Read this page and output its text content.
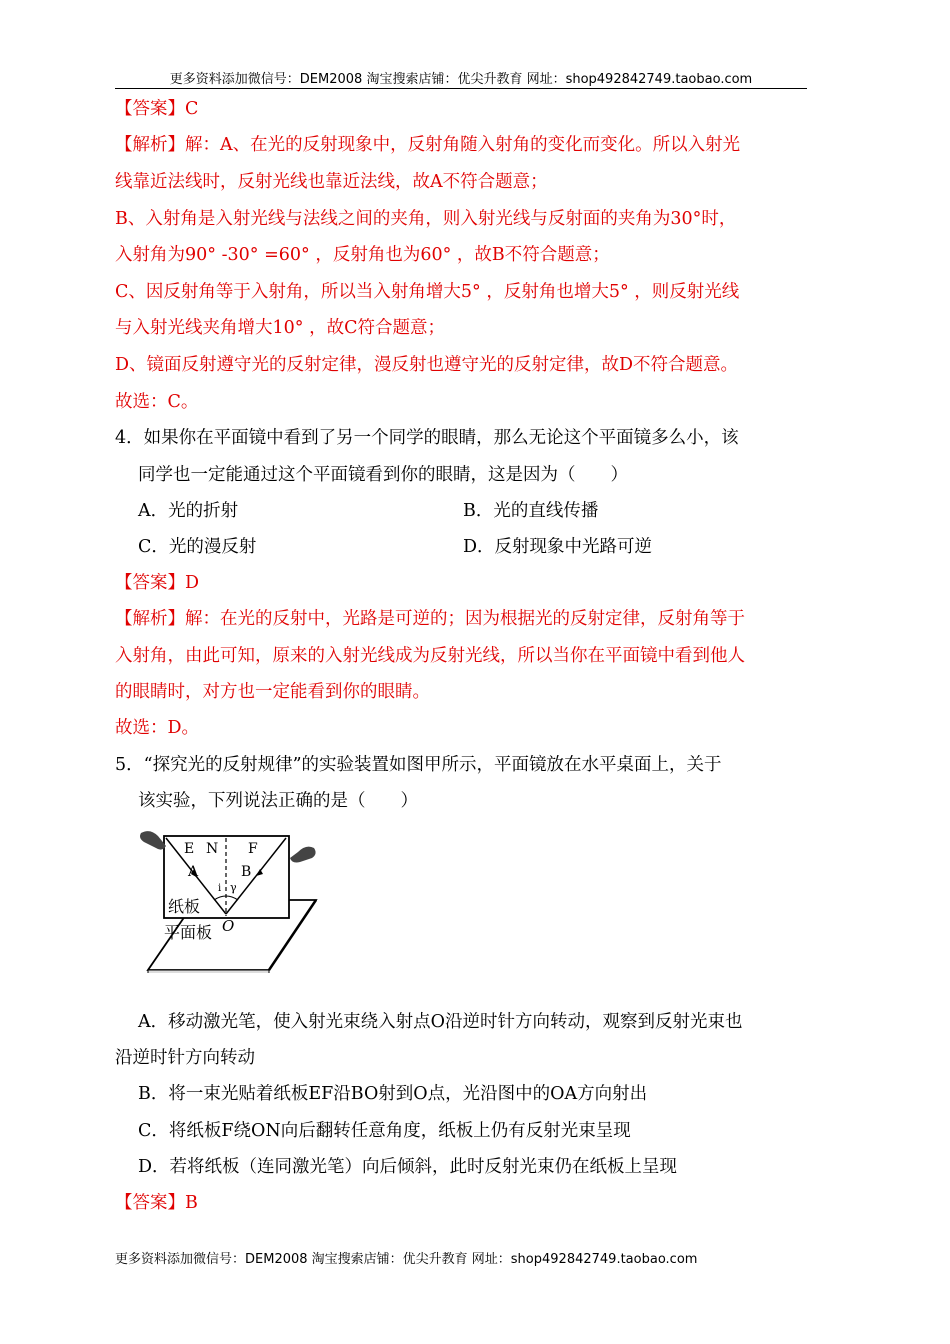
更多资料添加微信号：DEM2008 淘宝搜索店铺：优尖升教育 网址：shop492842749.taobao.com
【答案】C
【解析】解：A、在光的反射现象中，反射角随入射角的变化而变化。所以入射光
线靠近法线时，反射光线也靠近法线，故A不符合题意；
B、入射角是入射光线与法线之间的夹角，则入射光线与反射面的夹角为30°时，
入射角为90° -30° =60° ，反射角也为60° ，故B不符合题意；
C、因反射角等于入射角，所以当入射角增大5° ，反射角也增大5° ，则反射光线
与入射光线夹角增大10° ，故C符合题意；
D、镜面反射遵守光的反射定律，漫反射也遵守光的反射定律，故D不符合题意。
故选：C。
4．如果你在平面镜中看到了另一个同学的眼睛，那么无论这个平面镜多么小，该
同学也一定能通过这个平面镜看到你的眼睛，这是因为（　　）
A．光的折射	B．光的直线传播
C．光的漫反射	D．反射现象中光路可逆
【答案】D
【解析】解：在光的反射中，光路是可逆的；因为根据光的反射定律，反射角等于
入射角，由此可知，原来的入射光线成为反射光线，所以当你在平面镜中看到他人
的眼睛时，对方也一定能看到你的眼睛。
故选：D。
5．“探究光的反射规律”的实验装置如图甲所示，平面镜放在水平桌面上，关于
该实验，下列说法正确的是（　　）
E N F
A	B
i γ
O
纸板
平面板
A．移动激光笔，使入射光束绕入射点O沿逆时针方向转动，观察到反射光束也
沿逆时针方向转动
B．将一束光贴着纸板EF沿BO射到O点，光沿图中的OA方向射出
C．将纸板F绕ON向后翻转任意角度，纸板上仍有反射光束呈现
D．若将纸板（连同激光笔）向后倾斜，此时反射光束仍在纸板上呈现
【答案】B
更多资料添加微信号：DEM2008 淘宝搜索店铺：优尖升教育 网址：shop492842749.taobao.com
